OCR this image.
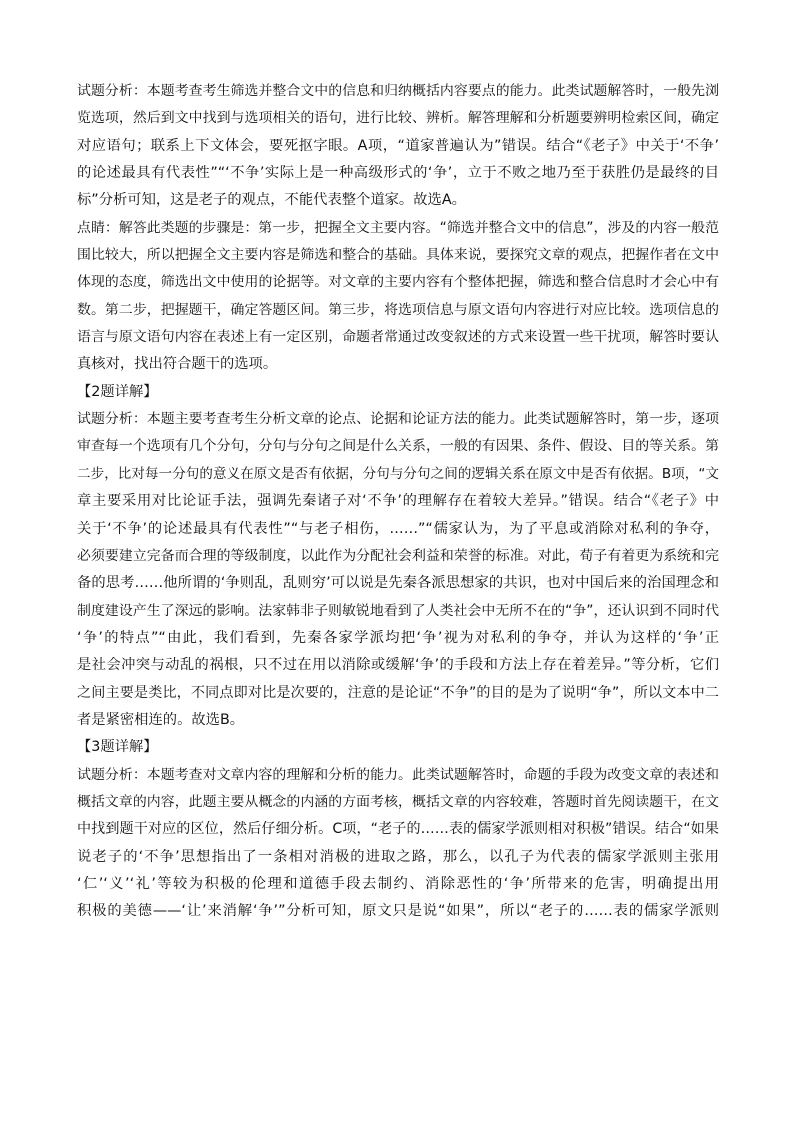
试题分析：本题考查考生筛选并整合文中的信息和归纳概括内容要点的能力。此类试题解答时，一般先浏
览选项，然后到文中找到与选项相关的语句，进行比较、辨析。解答理解和分析题要辨明检索区间，确定
对应语句；联系上下文体会，要死抠字眼。A项，“道家普遍认为”错误。结合“《老子》中关于‘不争’
的论述最具有代表性”“‘不争’实际上是一种高级形式的‘争’，立于不败之地乃至于获胜仍是最终的目
标”分析可知，这是老子的观点，不能代表整个道家。故选A。
点睛：解答此类题的步骤是：第一步，把握全文主要内容。“筛选并整合文中的信息”，涉及的内容一般范
围比较大，所以把握全文主要内容是筛选和整合的基础。具体来说，要探究文章的观点，把握作者在文中
体现的态度，筛选出文中使用的论据等。对文章的主要内容有个整体把握，筛选和整合信息时才会心中有
数。第二步，把握题干，确定答题区间。第三步，将选项信息与原文语句内容进行对应比较。选项信息的
语言与原文语句内容在表述上有一定区别，命题者常通过改变叙述的方式来设置一些干扰项，解答时要认
真核对，找出符合题干的选项。
【2题详解】
试题分析：本题主要考查考生分析文章的论点、论据和论证方法的能力。此类试题解答时，第一步，逐项
审查每一个选项有几个分句，分句与分句之间是什么关系，一般的有因果、条件、假设、目的等关系。第
二步，比对每一分句的意义在原文是否有依据，分句与分句之间的逻辑关系在原文中是否有依据。B项，“文
章主要采用对比论证手法，强调先秦诸子对‘不争’的理解存在着较大差异。”错误。结合“《老子》中
关于‘不争’的论述最具有代表性”“与老子相伤，……”“儒家认为，为了平息或消除对私利的争夺，
必须要建立完备而合理的等级制度，以此作为分配社会利益和荣誉的标准。对此，荀子有着更为系统和完
备的思考……他所谓的‘争则乱，乱则穷’可以说是先秦各派思想家的共识，也对中国后来的治国理念和
制度建设产生了深远的影响。法家韩非子则敏锐地看到了人类社会中无所不在的“争”，还认识到不同时代
‘争’的特点”“由此，我们看到，先秦各家学派均把‘争’视为对私利的争夺，并认为这样的‘争’正
是社会冲突与动乱的祸根，只不过在用以消除或缓解‘争’的手段和方法上存在着差异。”等分析，它们
之间主要是类比，不同点即对比是次要的，注意的是论证“不争”的目的是为了说明“争”，所以文本中二
者是紧密相连的。故选B。
【3题详解】
试题分析：本题考查对文章内容的理解和分析的能力。此类试题解答时，命题的手段为改变文章的表述和
概括文章的内容，此题主要从概念的内涵的方面考核，概括文章的内容较难，答题时首先阅读题干，在文
中找到题干对应的区位，然后仔细分析。C项，“老子的……表的儒家学派则相对积极”错误。结合“如果
说老子的‘不争’思想指出了一条相对消极的进取之路，那么，以孔子为代表的儒家学派则主张用
‘仁’‘义’‘礼’等较为积极的伦理和道德手段去制约、消除恶性的‘争’所带来的危害，明确提出用
积极的美德——‘让’来消解‘争’”分析可知，原文只是说“如果”，所以“老子的……表的儒家学派则
